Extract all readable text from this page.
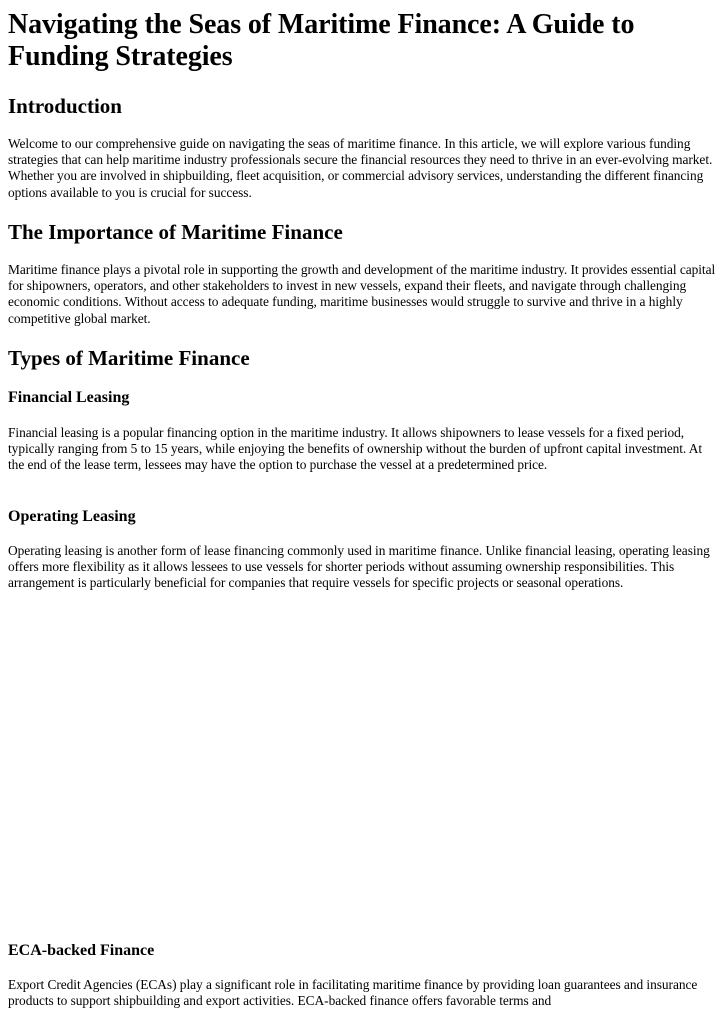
Navigating the Seas of Maritime Finance: A Guide to Funding Strategies
Introduction

Welcome to our comprehensive guide on navigating the seas of maritime finance. In this article, we will explore various funding strategies that can help maritime industry professionals secure the financial resources they need to thrive in an ever-evolving market. Whether you are involved in shipbuilding, fleet acquisition, or commercial advisory services, understanding the different financing options available to you is crucial for success.

The Importance of Maritime Finance

Maritime finance plays a pivotal role in supporting the growth and development of the maritime industry. It provides essential capital for shipowners, operators, and other stakeholders to invest in new vessels, expand their fleets, and navigate through challenging economic conditions. Without access to adequate funding, maritime businesses would struggle to survive and thrive in a highly competitive global market.

Types of Maritime Finance
Financial Leasing

Financial leasing is a popular financing option in the maritime industry. It allows shipowners to lease vessels for a fixed period, typically ranging from 5 to 15 years, while enjoying the benefits of ownership without the burden of upfront capital investment. At the end of the lease term, lessees may have the option to purchase the vessel at a predetermined price.

Operating Leasing

Operating leasing is another form of lease financing commonly used in maritime finance. Unlike financial leasing, operating leasing offers more flexibility as it allows lessees to use vessels for shorter periods without assuming ownership responsibilities. This arrangement is particularly beneficial for companies that require vessels for specific projects or seasonal operations.

ECA-backed Finance

Export Credit Agencies (ECAs) play a significant role in facilitating maritime finance by providing loan guarantees and insurance products to support shipbuilding and export activities. ECA-backed finance offers favorable terms and
